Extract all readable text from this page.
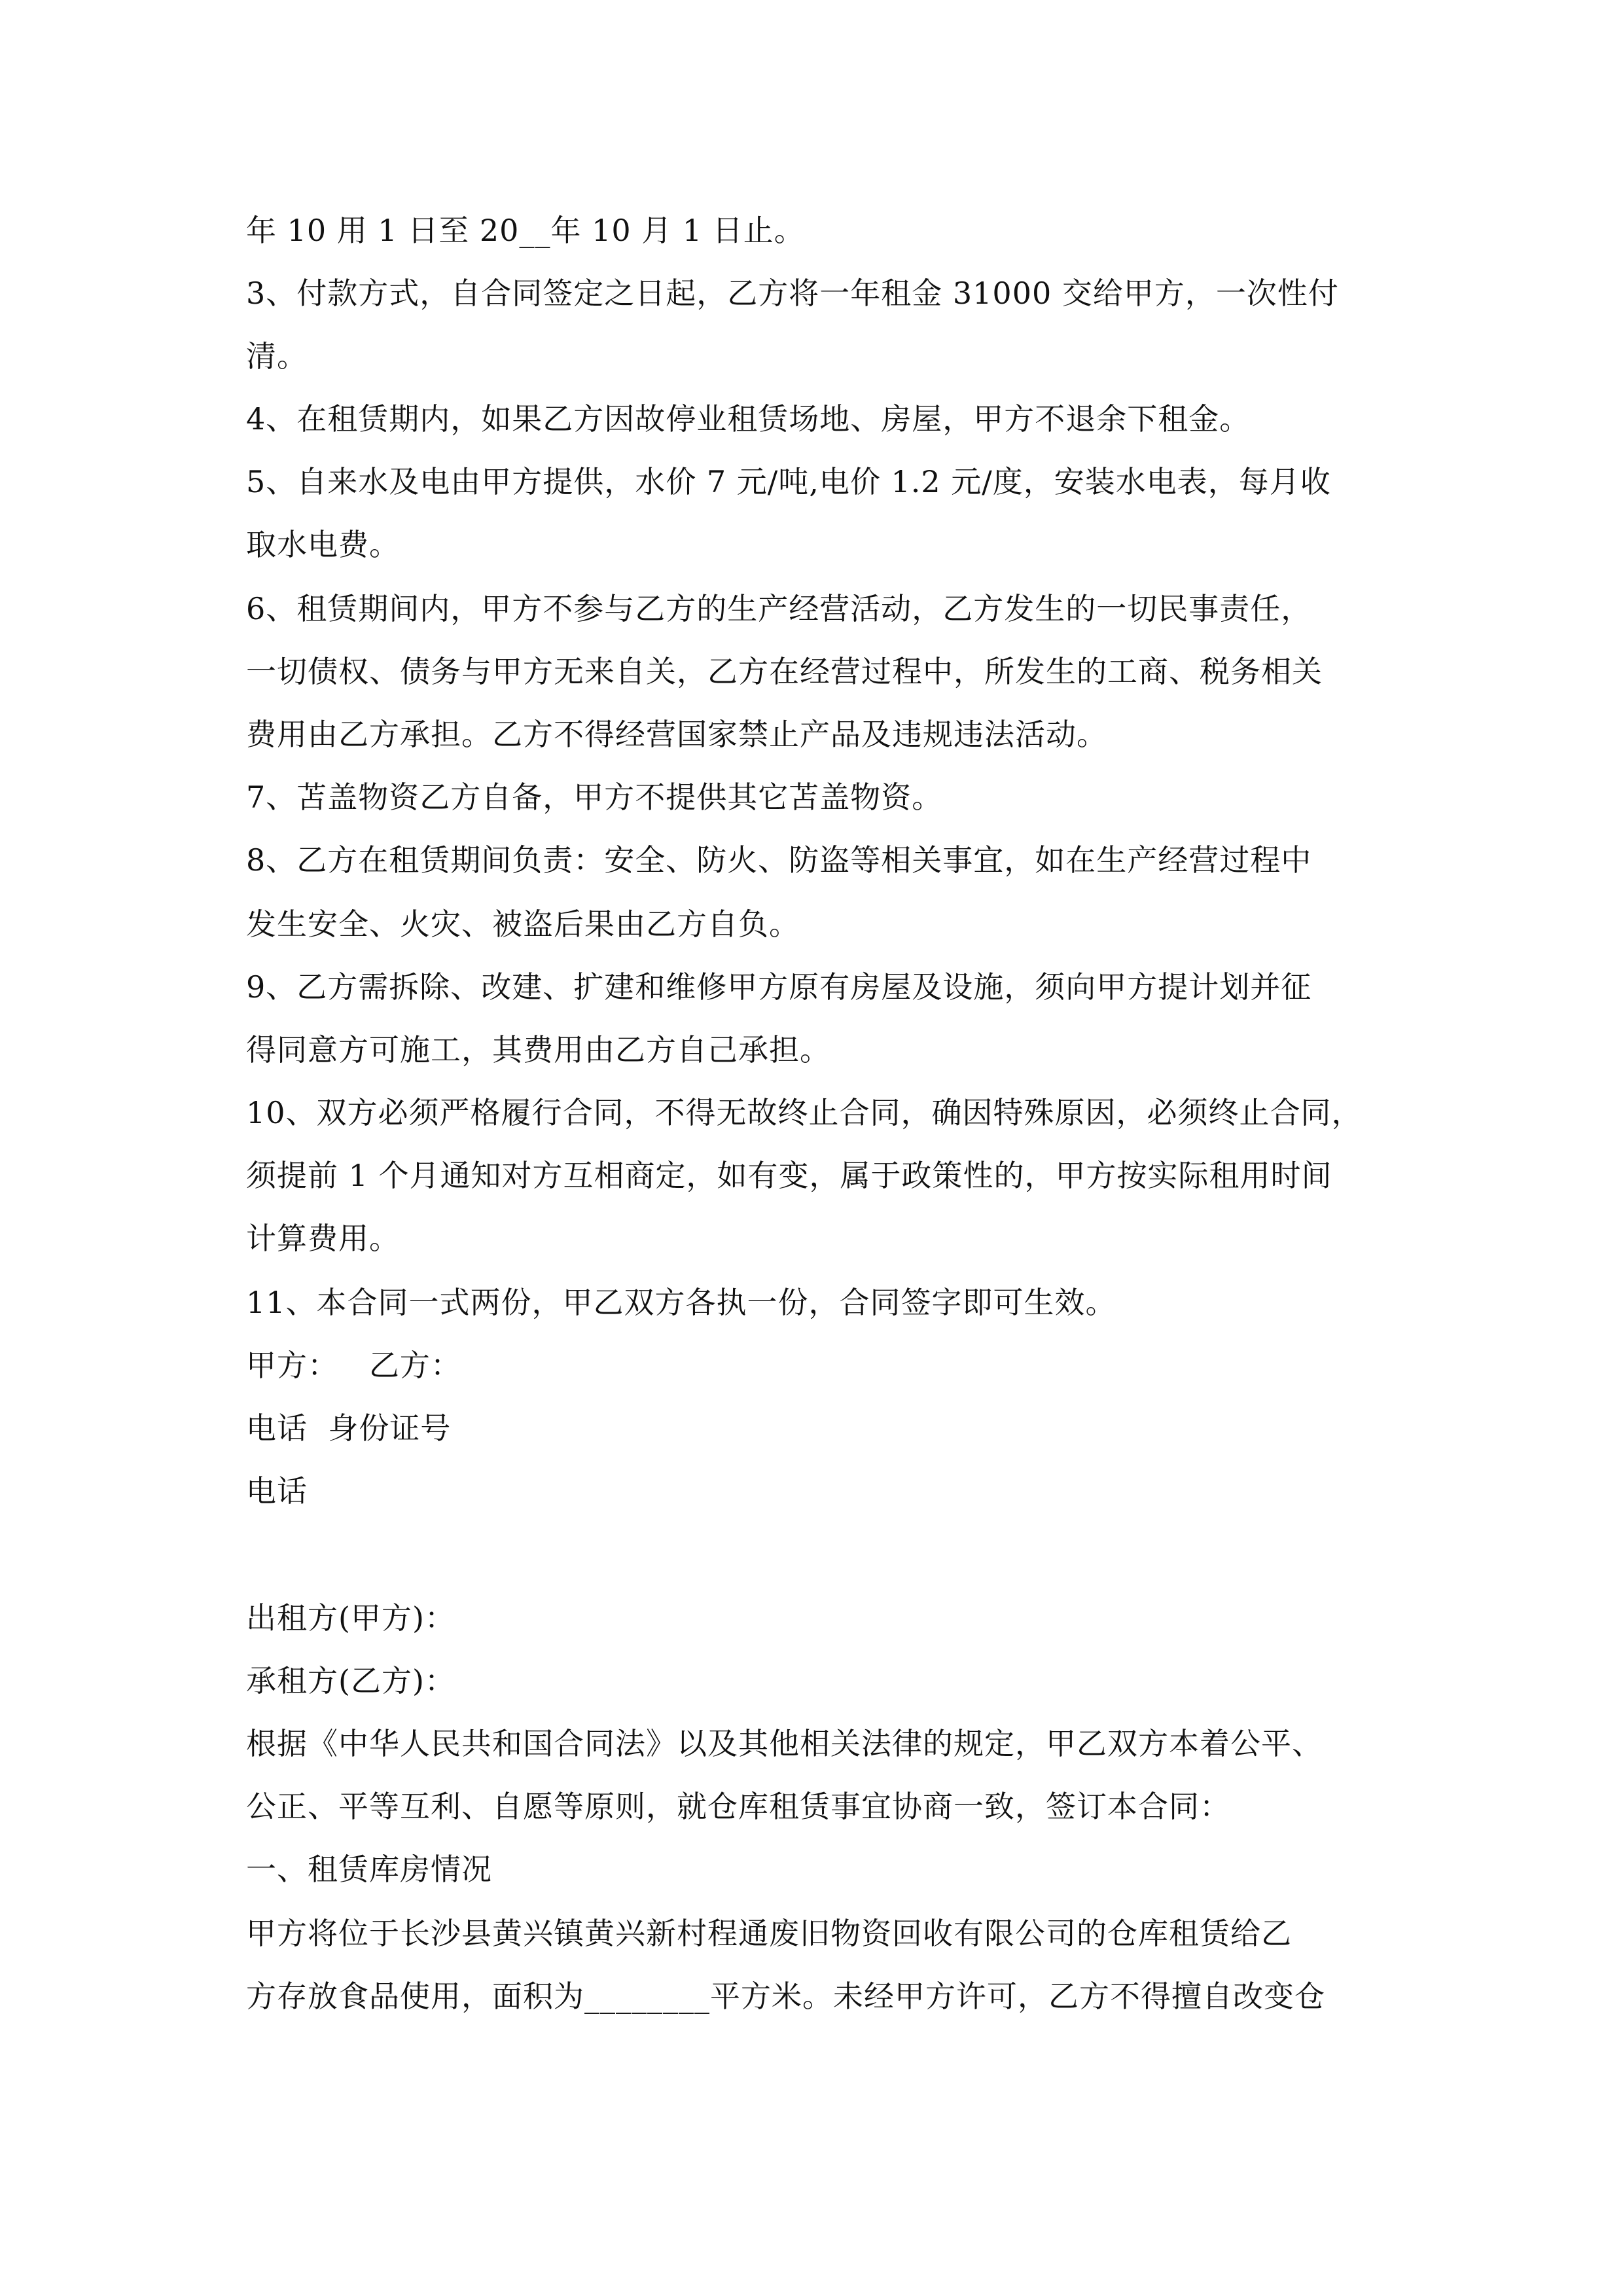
年 10 用 1 日至 20__年 10 月 1 日止。
3、付款方式，自合同签定之日起，乙方将一年租金 31000 交给甲方，一次性付
清。
4、在租赁期内，如果乙方因故停业租赁场地、房屋，甲方不退余下租金。
5、自来水及电由甲方提供，水价 7 元/吨,电价 1.2 元/度，安装水电表，每月收
取水电费。
6、租赁期间内，甲方不参与乙方的生产经营活动，乙方发生的一切民事责任，
一切债权、债务与甲方无来自关，乙方在经营过程中，所发生的工商、税务相关
费用由乙方承担。乙方不得经营国家禁止产品及违规违法活动。
7、苫盖物资乙方自备，甲方不提供其它苫盖物资。
8、乙方在租赁期间负责：安全、防火、防盗等相关事宜，如在生产经营过程中
发生安全、火灾、被盗后果由乙方自负。
9、乙方需拆除、改建、扩建和维修甲方原有房屋及设施，须向甲方提计划并征
得同意方可施工，其费用由乙方自己承担。
10、双方必须严格履行合同，不得无故终止合同，确因特殊原因，必须终止合同，
须提前 1 个月通知对方互相商定，如有变，属于政策性的，甲方按实际租用时间
计算费用。
11、本合同一式两份，甲乙双方各执一份，合同签字即可生效。
甲方：   乙方：
电话  身份证号
电话
出租方(甲方)：
承租方(乙方)：
根据《中华人民共和国合同法》以及其他相关法律的规定，甲乙双方本着公平、
公正、平等互利、自愿等原则，就仓库租赁事宜协商一致，签订本合同：
一、租赁库房情况
甲方将位于长沙县黄兴镇黄兴新村程通废旧物资回收有限公司的仓库租赁给乙
方存放食品使用，面积为________平方米。未经甲方许可，乙方不得擅自改变仓
